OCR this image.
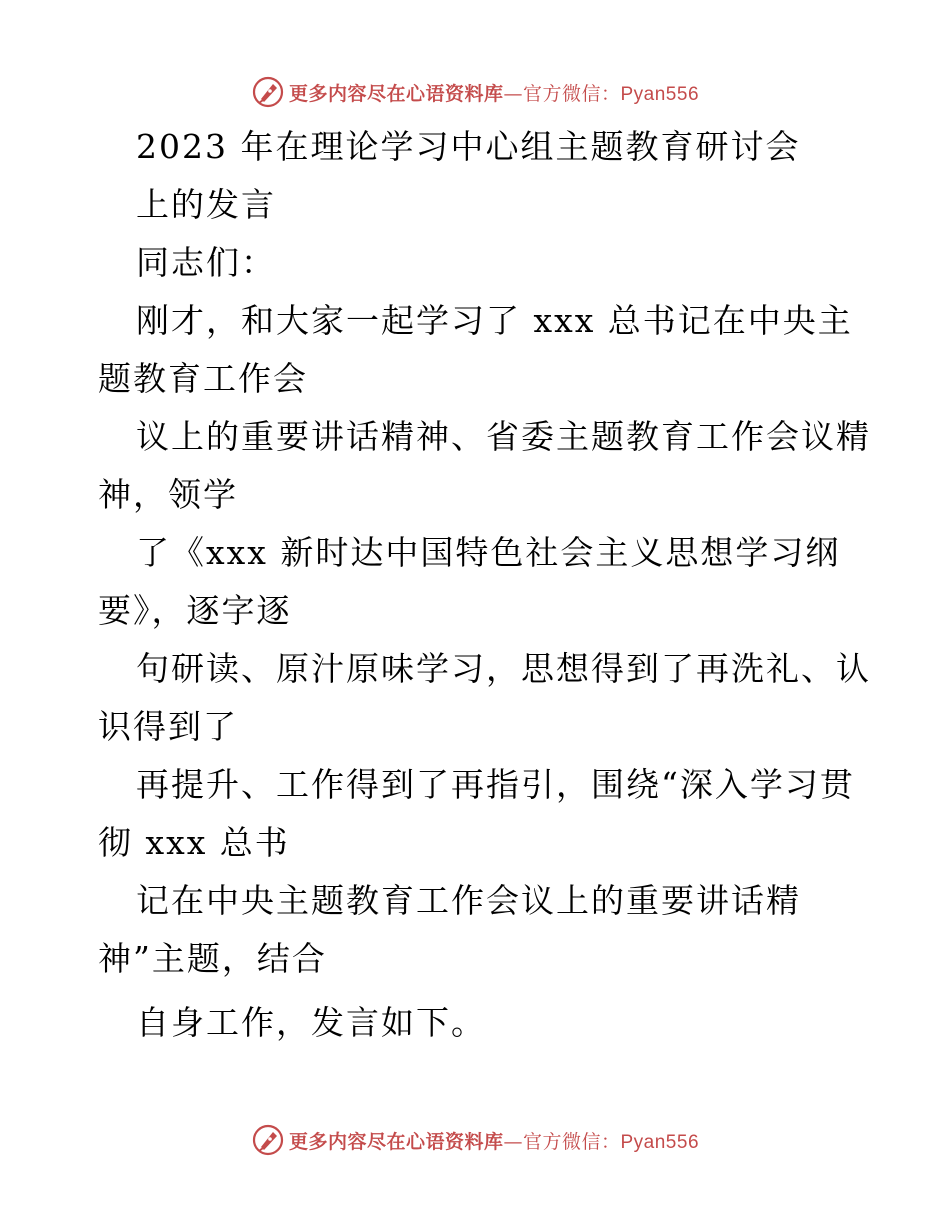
更多内容尽在心语资料库—官方微信：Pyan556
2023 年在理论学习中心组主题教育研讨会
上的发言
同志们：
刚才，和大家一起学习了 xxx 总书记在中央主
题教育工作会
议上的重要讲话精神、省委主题教育工作会议精
神，领学
了《xxx 新时达中国特色社会主义思想学习纲
要》，逐字逐
句研读、原汁原味学习，思想得到了再洗礼、认
识得到了
再提升、工作得到了再指引，围绕“深入学习贯
彻 xxx 总书
记在中央主题教育工作会议上的重要讲话精
神”主题，结合
自身工作，发言如下。
更多内容尽在心语资料库—官方微信：Pyan556
